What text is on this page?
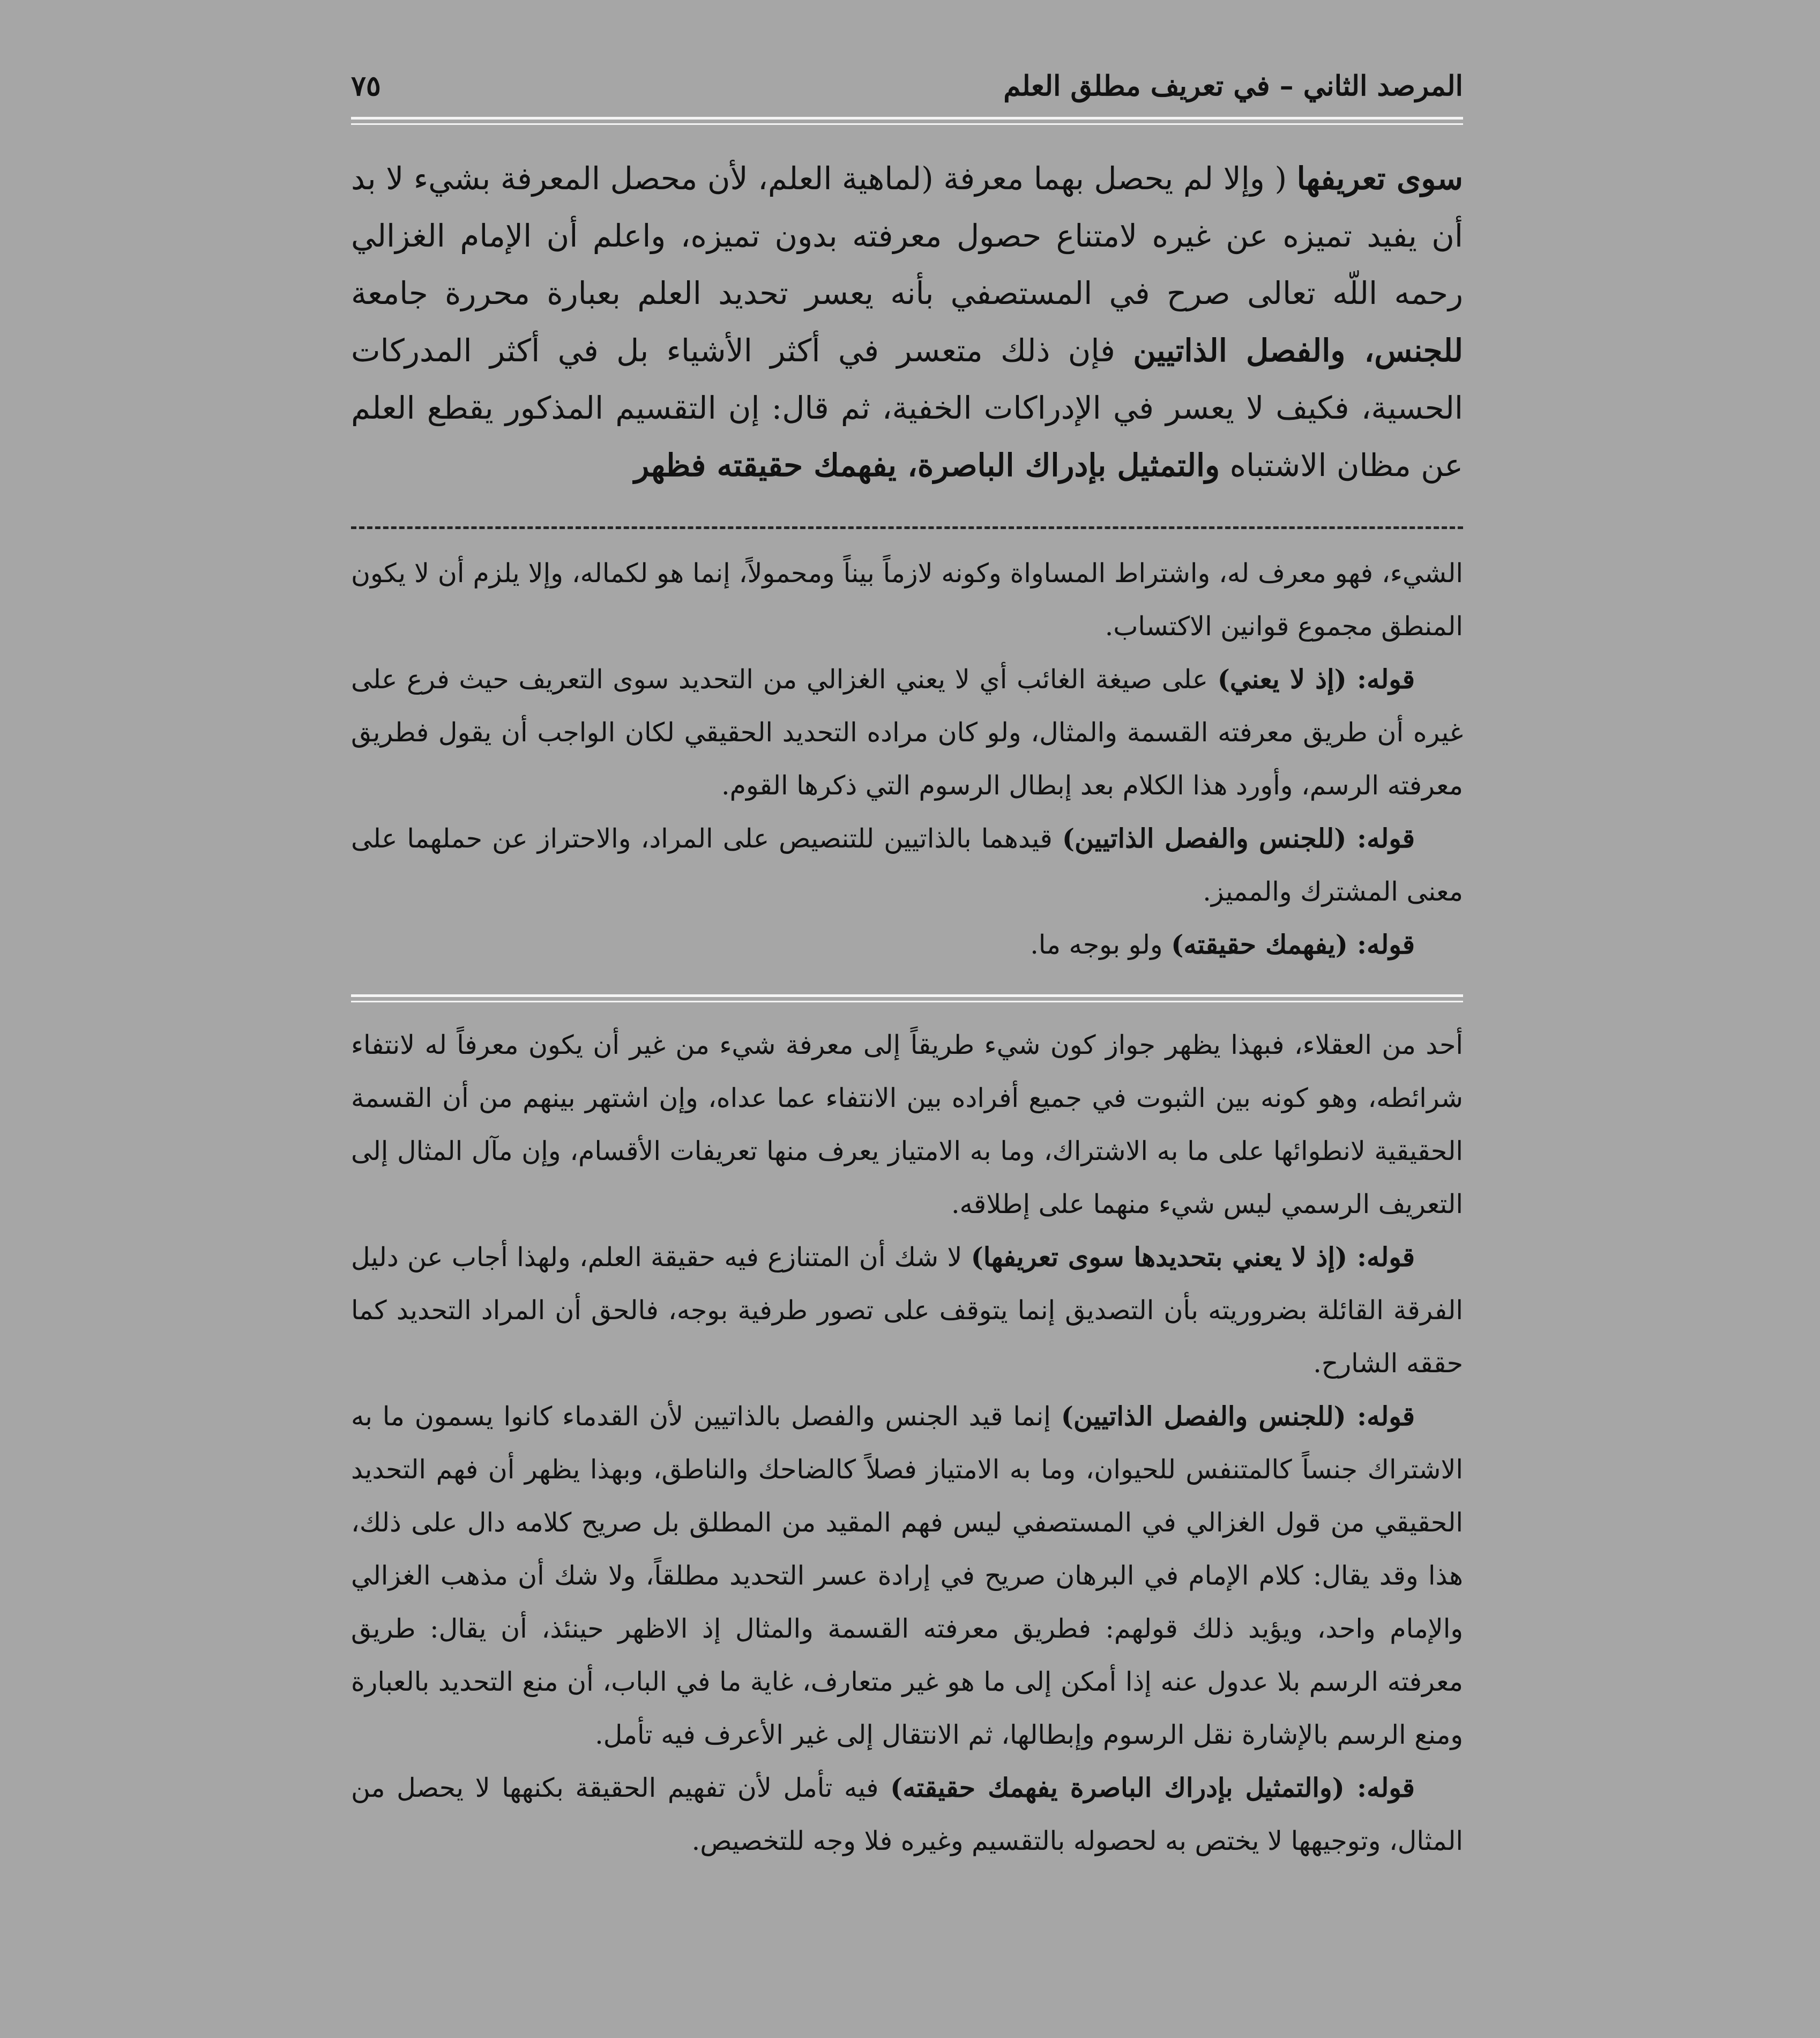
المرصد الثاني – في تعريف مطلق العلم
٧٥

سوى تعريفها ( وإلا لم يحصل بهما معرفة (لماهية العلم، لأن محصل المعرفة بشيء لا بد أن يفيد تميزه عن غيره لامتناع حصول معرفته بدون تميزه، واعلم أن الإمام الغزالي رحمه اللّه تعالى صرح في المستصفي بأنه يعسر تحديد العلم بعبارة محررة جامعة للجنس، والفصل الذاتيين فإن ذلك متعسر في أكثر الأشياء بل في أكثر المدركات الحسية، فكيف لا يعسر في الإدراكات الخفية، ثم قال: إن التقسيم المذكور يقطع العلم عن مظان الاشتباه والتمثيل بإدراك الباصرة، يفهمك حقيقته فظهر

الشيء، فهو معرف له، واشتراط المساواة وكونه لازماً بيناً ومحمولاً، إنما هو لكماله، وإلا يلزم أن لا يكون المنطق مجموع قوانين الاكتساب.

قوله: (إذ لا يعني) على صيغة الغائب أي لا يعني الغزالي من التحديد سوى التعريف حيث فرع على غيره أن طريق معرفته القسمة والمثال، ولو كان مراده التحديد الحقيقي لكان الواجب أن يقول فطريق معرفته الرسم، وأورد هذا الكلام بعد إبطال الرسوم التي ذكرها القوم.

قوله: (للجنس والفصل الذاتيين) قيدهما بالذاتيين للتنصيص على المراد، والاحتراز عن حملهما على معنى المشترك والمميز.

قوله: (يفهمك حقيقته) ولو بوجه ما.

أحد من العقلاء، فبهذا يظهر جواز كون شيء طريقاً إلى معرفة شيء من غير أن يكون معرفاً له لانتفاء شرائطه، وهو كونه بين الثبوت في جميع أفراده بين الانتفاء عما عداه، وإن اشتهر بينهم من أن القسمة الحقيقية لانطوائها على ما به الاشتراك، وما به الامتياز يعرف منها تعريفات الأقسام، وإن مآل المثال إلى التعريف الرسمي ليس شيء منهما على إطلاقه.

قوله: (إذ لا يعني بتحديدها سوى تعريفها) لا شك أن المتنازع فيه حقيقة العلم، ولهذا أجاب عن دليل الفرقة القائلة بضروريته بأن التصديق إنما يتوقف على تصور طرفية بوجه، فالحق أن المراد التحديد كما حققه الشارح.

قوله: (للجنس والفصل الذاتيين) إنما قيد الجنس والفصل بالذاتيين لأن القدماء كانوا يسمون ما به الاشتراك جنساً كالمتنفس للحيوان، وما به الامتياز فصلاً كالضاحك والناطق، وبهذا يظهر أن فهم التحديد الحقيقي من قول الغزالي في المستصفي ليس فهم المقيد من المطلق بل صريح كلامه دال على ذلك، هذا وقد يقال: كلام الإمام في البرهان صريح في إرادة عسر التحديد مطلقاً، ولا شك أن مذهب الغزالي والإمام واحد، ويؤيد ذلك قولهم: فطريق معرفته القسمة والمثال إذ الاظهر حينئذ، أن يقال: طريق معرفته الرسم بلا عدول عنه إذا أمكن إلى ما هو غير متعارف، غاية ما في الباب، أن منع التحديد بالعبارة ومنع الرسم بالإشارة نقل الرسوم وإبطالها، ثم الانتقال إلى غير الأعرف فيه تأمل.

قوله: (والتمثيل بإدراك الباصرة يفهمك حقيقته) فيه تأمل لأن تفهيم الحقيقة بكنهها لا يحصل من المثال، وتوجيهها لا يختص به لحصوله بالتقسيم وغيره فلا وجه للتخصيص.
